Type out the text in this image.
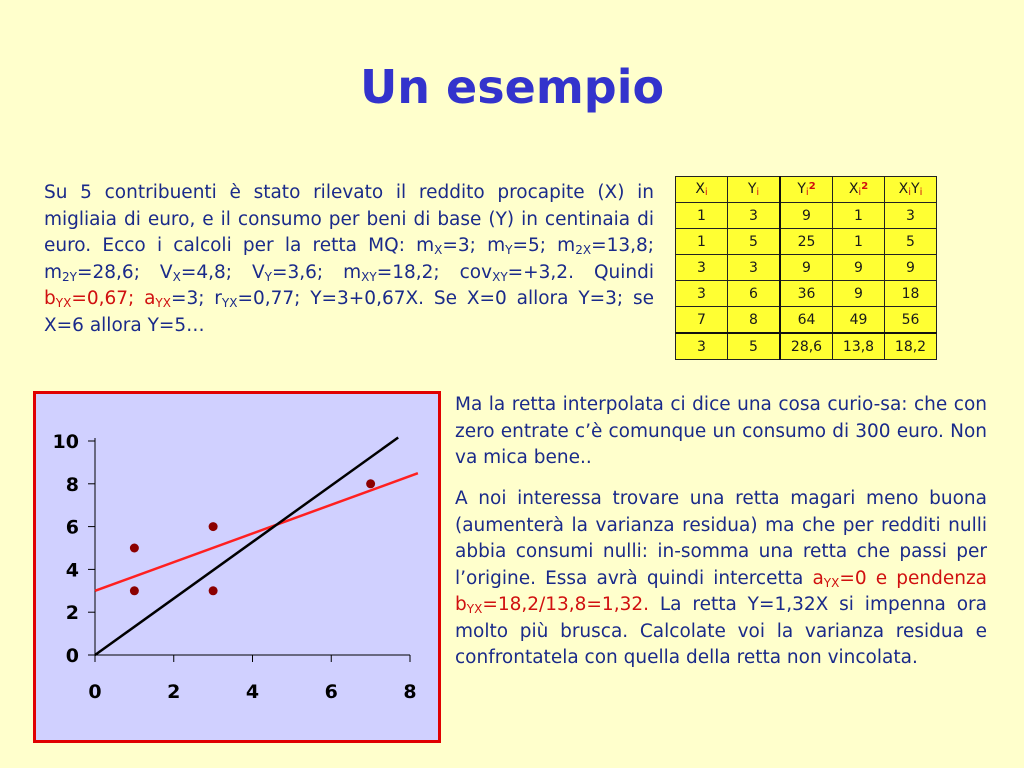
Un esempio
Su 5 contribuenti è stato rilevato il reddito procapite (X) in migliaia di euro, e il consumo per beni di base (Y) in centinaia di euro. Ecco i calcoli per la retta MQ: $m_X=3$; $m_Y=5$; $m_{2X}=13,8$; $m_{2Y}=28,6$; $V_X=4,8$; $V_Y=3,6$; $m_{XY}=18,2$; cov$_{XY}$=+3,2. Quindi $b_{YX}=0,67$; $a_{YX}=3$; $r_{YX}=0,77$; Y=3+0,67X. Se X=0 allora Y=3; se X=6 allora Y=5…
Xi	Yi	Yi$^2$	Xi$^2$	XiYi
1	3	9	1	3
1	5	25	1	5
3	3	9	9	9
3	6	36	9	18
7	8	64	49	56
3	5	28,6	13,8	18,2
0
2
4
6
8
10
0	2	4	6	8
Ma la retta interpolata ci dice una cosa curio-sa: che con zero entrate c’è comunque un consumo di 300 euro. Non va mica bene..
A noi interessa trovare una retta magari meno buona (aumenterà la varianza residua) ma che per redditi nulli abbia consumi nulli: in-somma una retta che passi per l’origine. Essa avrà quindi intercetta $a_{YX}=0$ e pendenza $b_{YX}=18,2/13,8=1,32$. La retta Y=1,32X si impenna ora molto più brusca. Calcolate voi la varianza residua e confrontatela con quella della retta non vincolata.
